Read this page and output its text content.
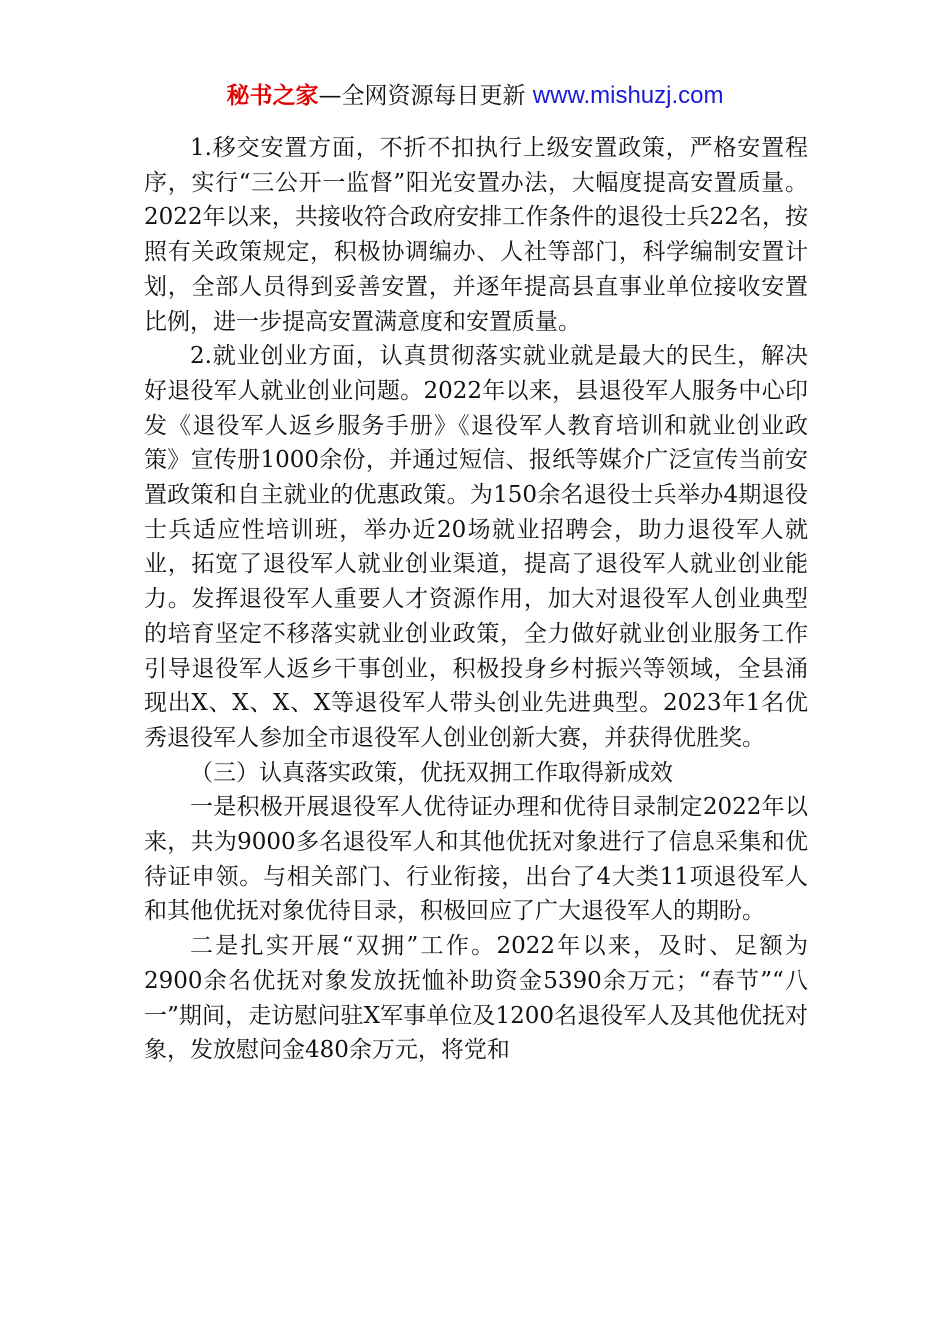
秘书之家—全网资源每日更新 www.mishuzj.com

1.移交安置方面，不折不扣执行上级安置政策，严格安置程序，实行“三公开一监督”阳光安置办法，大幅度提高安置质量。2022年以来，共接收符合政府安排工作条件的退役士兵22名，按照有关政策规定，积极协调编办、人社等部门，科学编制安置计划，全部人员得到妥善安置，并逐年提高县直事业单位接收安置比例，进一步提高安置满意度和安置质量。

2.就业创业方面，认真贯彻落实就业就是最大的民生，解决好退役军人就业创业问题。2022年以来，县退役军人服务中心印发《退役军人返乡服务手册》《退役军人教育培训和就业创业政策》宣传册1000余份，并通过短信、报纸等媒介广泛宣传当前安置政策和自主就业的优惠政策。为150余名退役士兵举办4期退役士兵适应性培训班，举办近20场就业招聘会，助力退役军人就业，拓宽了退役军人就业创业渠道，提高了退役军人就业创业能力。发挥退役军人重要人才资源作用，加大对退役军人创业典型的培育坚定不移落实就业创业政策，全力做好就业创业服务工作引导退役军人返乡干事创业，积极投身乡村振兴等领域，全县涌现出X、X、X、X等退役军人带头创业先进典型。2023年1名优秀退役军人参加全市退役军人创业创新大赛，并获得优胜奖。

（三）认真落实政策，优抚双拥工作取得新成效

一是积极开展退役军人优待证办理和优待目录制定2022年以来，共为9000多名退役军人和其他优抚对象进行了信息采集和优待证申领。与相关部门、行业衔接，出台了4大类11项退役军人和其他优抚对象优待目录，积极回应了广大退役军人的期盼。

二是扎实开展“双拥”工作。2022年以来，及时、足额为2900余名优抚对象发放抚恤补助资金5390余万元；“春节”“八一”期间，走访慰问驻X军事单位及1200名退役军人及其他优抚对象，发放慰问金480余万元，将党和
